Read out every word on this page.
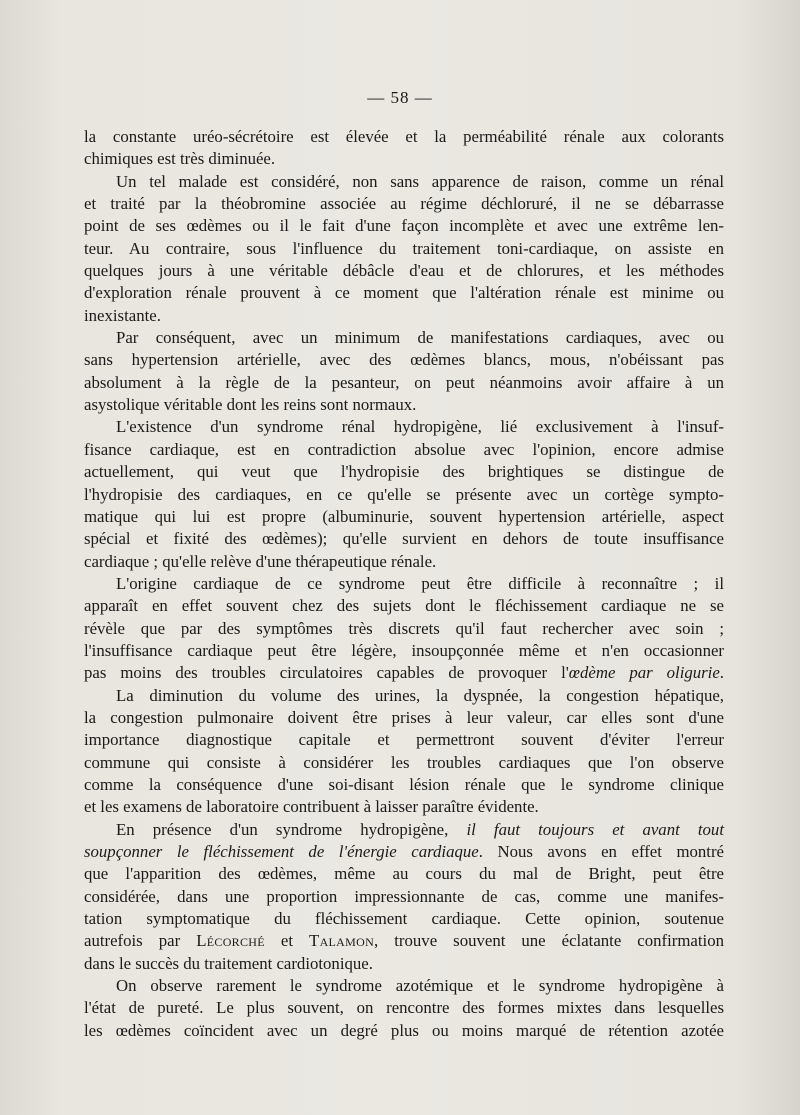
— 58 —
la constante uréo-sécrétoire est élevée et la perméabilité rénale aux colorants
chimiques est très diminuée.
Un tel malade est considéré, non sans apparence de raison, comme un rénal
et traité par la théobromine associée au régime déchloruré, il ne se débarrasse
point de ses œdèmes ou il le fait d'une façon incomplète et avec une extrême len-
teur. Au contraire, sous l'influence du traitement toni-cardiaque, on assiste en
quelques jours à une véritable débâcle d'eau et de chlorures, et les méthodes
d'exploration rénale prouvent à ce moment que l'altération rénale est minime ou
inexistante.
Par conséquent, avec un minimum de manifestations cardiaques, avec ou
sans hypertension artérielle, avec des œdèmes blancs, mous, n'obéissant pas
absolument à la règle de la pesanteur, on peut néanmoins avoir affaire à un
asystolique véritable dont les reins sont normaux.
L'existence d'un syndrome rénal hydropigène, lié exclusivement à l'insuf-
fisance cardiaque, est en contradiction absolue avec l'opinion, encore admise
actuellement, qui veut que l'hydropisie des brightiques se distingue de
l'hydropisie des cardiaques, en ce qu'elle se présente avec un cortège sympto-
matique qui lui est propre (albuminurie, souvent hypertension artérielle, aspect
spécial et fixité des œdèmes); qu'elle survient en dehors de toute insuffisance
cardiaque ; qu'elle relève d'une thérapeutique rénale.
L'origine cardiaque de ce syndrome peut être difficile à reconnaître ; il
apparaît en effet souvent chez des sujets dont le fléchissement cardiaque ne se
révèle que par des symptômes très discrets qu'il faut rechercher avec soin ;
l'insuffisance cardiaque peut être légère, insoupçonnée même et n'en occasionner
pas moins des troubles circulatoires capables de provoquer l'œdème par oligurie.
La diminution du volume des urines, la dyspnée, la congestion hépatique,
la congestion pulmonaire doivent être prises à leur valeur, car elles sont d'une
importance diagnostique capitale et permettront souvent d'éviter l'erreur
commune qui consiste à considérer les troubles cardiaques que l'on observe
comme la conséquence d'une soi-disant lésion rénale que le syndrome clinique
et les examens de laboratoire contribuent à laisser paraître évidente.
En présence d'un syndrome hydropigène, il faut toujours et avant tout
soupçonner le fléchissement de l'énergie cardiaque. Nous avons en effet montré
que l'apparition des œdèmes, même au cours du mal de Bright, peut être
considérée, dans une proportion impressionnante de cas, comme une manifes-
tation symptomatique du fléchissement cardiaque. Cette opinion, soutenue
autrefois par Lécorché et Talamon, trouve souvent une éclatante confirmation
dans le succès du traitement cardiotonique.
On observe rarement le syndrome azotémique et le syndrome hydropigène à
l'état de pureté. Le plus souvent, on rencontre des formes mixtes dans lesquelles
les œdèmes coïncident avec un degré plus ou moins marqué de rétention azotée
